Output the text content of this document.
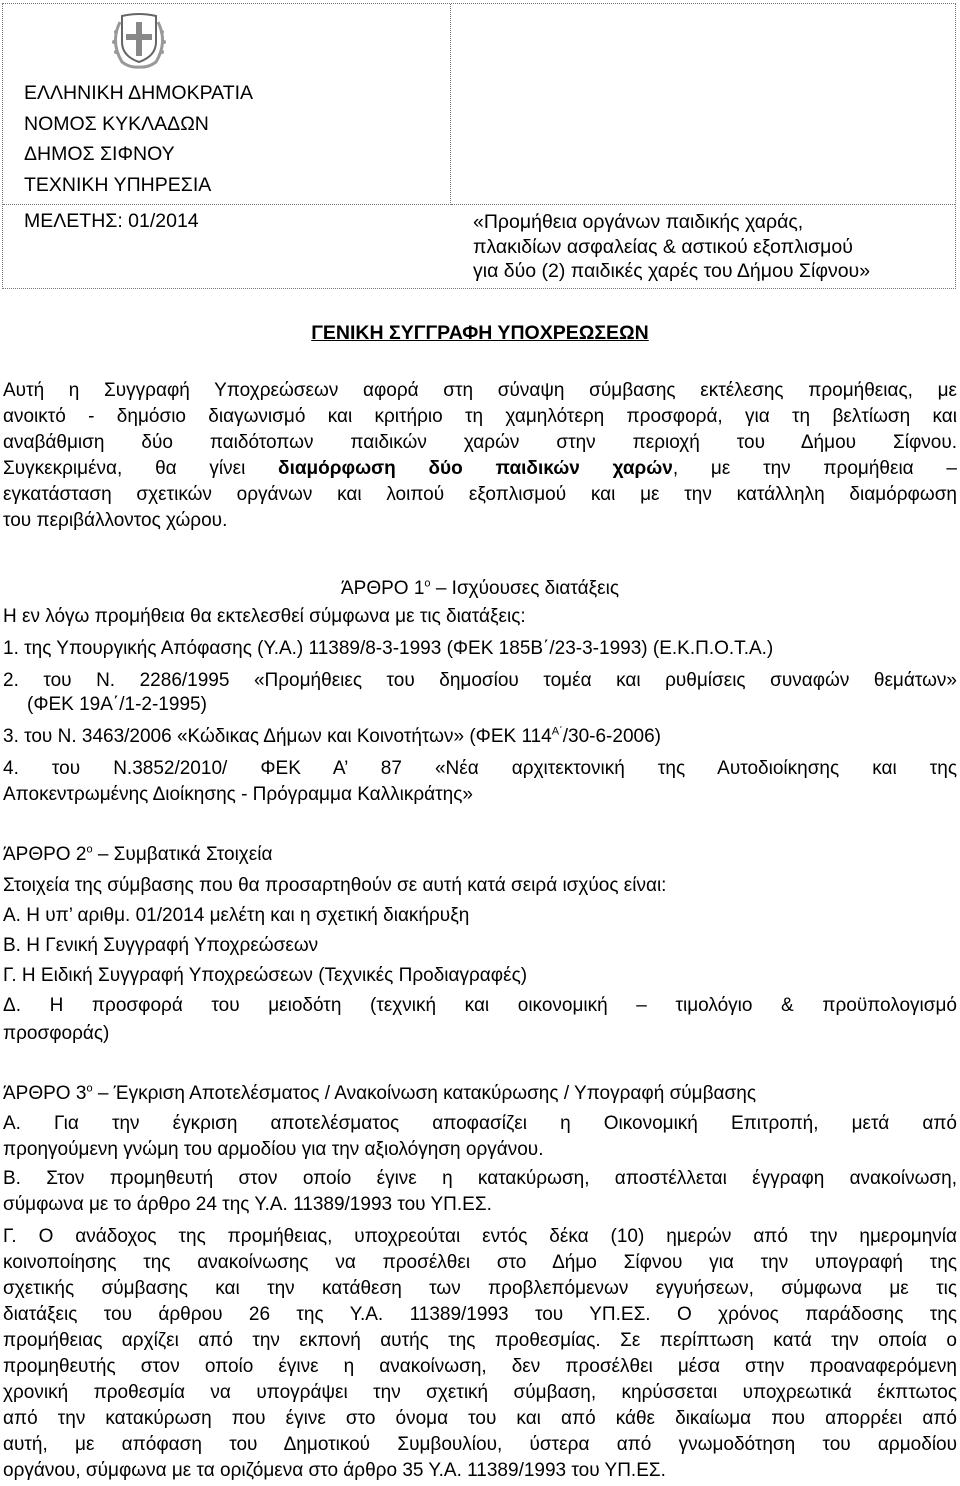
ΕΛΛΗΝΙΚΗ ΔΗΜΟΚΡΑΤΙΑ
ΝΟΜΟΣ ΚΥΚΛΑΔΩΝ
ΔΗΜΟΣ ΣΙΦΝΟΥ
ΤΕΧΝΙΚΗ ΥΠΗΡΕΣΙΑ
ΜΕΛΕΤΗΣ: 01/2014	«Προμήθεια οργάνων παιδικής χαράς,
πλακιδίων ασφαλείας & αστικού εξοπλισμού
για δύο (2) παιδικές χαρές του Δήμου Σίφνου»
ΓΕΝΙΚΗ ΣΥΓΓΡΑΦΗ ΥΠΟΧΡΕΩΣΕΩΝ
Αυτή η Συγγραφή Υποχρεώσεων αφορά στη σύναψη σύμβασης εκτέλεσης προμήθειας, με
ανοικτό - δημόσιο διαγωνισμό και κριτήριο τη χαμηλότερη προσφορά, για τη βελτίωση και
αναβάθμιση δύο παιδότοπων παιδικών χαρών στην περιοχή του Δήμου Σίφνου.
Συγκεκριμένα, θα γίνει διαμόρφωση δύο παιδικών χαρών, με την προμήθεια –
εγκατάσταση σχετικών οργάνων και λοιπού εξοπλισμού και με την κατάλληλη διαμόρφωση
του περιβάλλοντος χώρου.
ΆΡΘΡΟ $1^o$ – Ισχύουσες διατάξεις
Η εν λόγω προμήθεια θα εκτελεσθεί σύμφωνα με τις διατάξεις:
1. της Υπουργικής Απόφασης (Υ.Α.) 11389/8-3-1993 (ΦΕΚ 185Β΄/23-3-1993) (Ε.Κ.Π.Ο.Τ.Α.)
2. του Ν. 2286/1995 «Προμήθειες του δημοσίου τομέα και ρυθμίσεις συναφών θεμάτων»
(ΦΕΚ 19Α΄/1-2-1995)
3. του Ν. 3463/2006 «Κώδικας Δήμων και Κοινοτήτων» (ΦΕΚ $114^{A΄}/30-6-2006$)
4. του Ν.3852/2010/ ΦΕΚ Α’ 87 «Νέα αρχιτεκτονική της Αυτοδιοίκησης και της
Αποκεντρωμένης Διοίκησης - Πρόγραμμα Καλλικράτης»
ΆΡΘΡΟ $2^o$ – Συμβατικά Στοιχεία
Στοιχεία της σύμβασης που θα προσαρτηθούν σε αυτή κατά σειρά ισχύος είναι:
Α. Η υπ’ αριθμ. 01/2014 μελέτη και η σχετική διακήρυξη
Β. Η Γενική Συγγραφή Υποχρεώσεων
Γ. Η Ειδική Συγγραφή Υποχρεώσεων (Τεχνικές Προδιαγραφές)
Δ. Η προσφορά του μειοδότη (τεχνική και οικονομική – τιμολόγιο & προϋπολογισμό
προσφοράς)
ΆΡΘΡΟ $3^o$ – Έγκριση Αποτελέσματος / Ανακοίνωση κατακύρωσης / Υπογραφή σύμβασης
Α. Για την έγκριση αποτελέσματος αποφασίζει η Οικονομική Επιτροπή, μετά από
προηγούμενη γνώμη του αρμοδίου για την αξιολόγηση οργάνου.
Β. Στον προμηθευτή στον οποίο έγινε η κατακύρωση, αποστέλλεται έγγραφη ανακοίνωση,
σύμφωνα με το άρθρο 24 της Υ.Α. 11389/1993 του ΥΠ.ΕΣ.
Γ. Ο ανάδοχος της προμήθειας, υποχρεούται εντός δέκα (10) ημερών από την ημερομηνία
κοινοποίησης της ανακοίνωσης να προσέλθει στο Δήμο Σίφνου για την υπογραφή της
σχετικής σύμβασης και την κατάθεση των προβλεπόμενων εγγυήσεων, σύμφωνα με τις
διατάξεις του άρθρου 26 της Υ.Α. 11389/1993 του ΥΠ.ΕΣ. Ο χρόνος παράδοσης της
προμήθειας αρχίζει από την εκπονή αυτής της προθεσμίας. Σε περίπτωση κατά την οποία ο
προμηθευτής στον οποίο έγινε η ανακοίνωση, δεν προσέλθει μέσα στην προαναφερόμενη
χρονική προθεσμία να υπογράψει την σχετική σύμβαση, κηρύσσεται υποχρεωτικά έκπτωτος
από την κατακύρωση που έγινε στο όνομα του και από κάθε δικαίωμα που απορρέει από
αυτή, με απόφαση του Δημοτικού Συμβουλίου, ύστερα από γνωμοδότηση του αρμοδίου
οργάνου, σύμφωνα με τα οριζόμενα στο άρθρο 35 Υ.Α. 11389/1993 του ΥΠ.ΕΣ.
